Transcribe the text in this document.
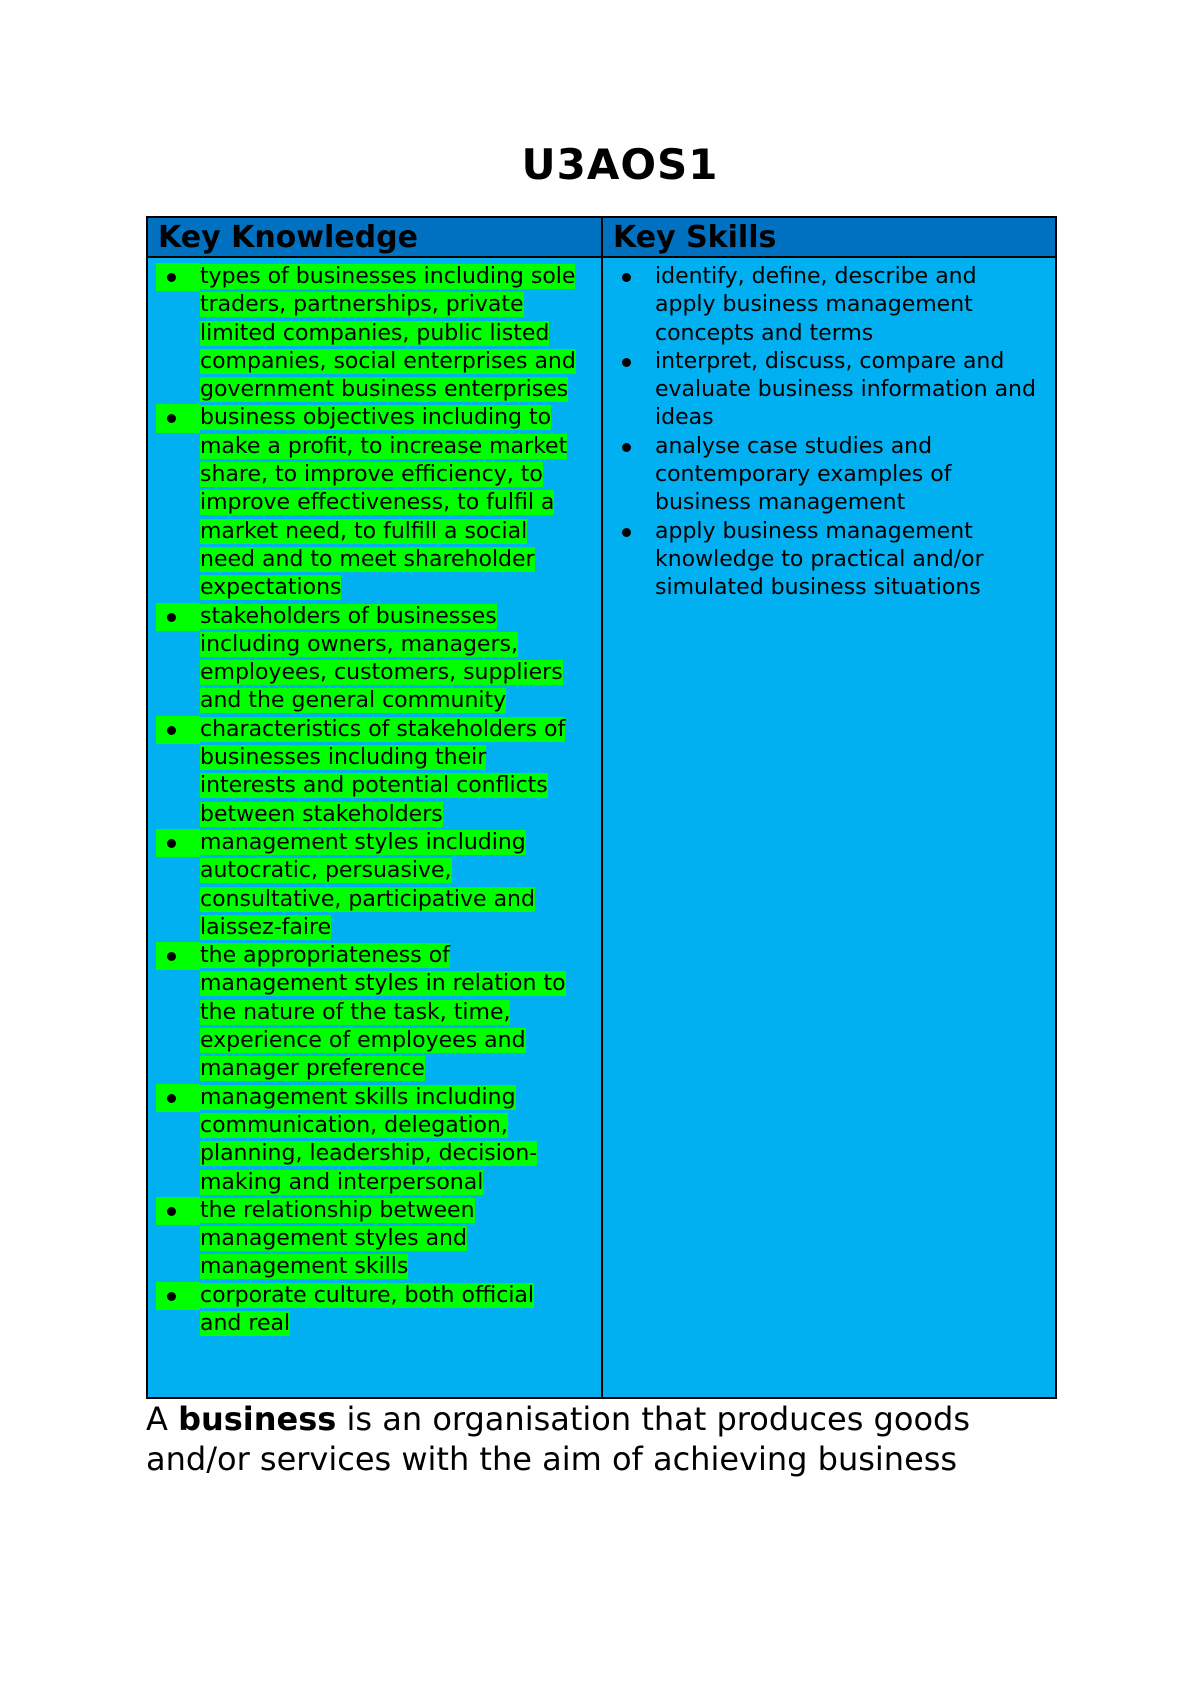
U3AOS1
Key Knowledge	Key Skills
types of businesses including sole traders, partnerships, private limited companies, public listed companies, social enterprises and government business enterprises
business objectives including to make a profit, to increase market share, to improve efficiency, to improve effectiveness, to fulfil a market need, to fulfill a social need and to meet shareholder expectations
stakeholders of businesses including owners, managers, employees, customers, suppliers and the general community
characteristics of stakeholders of businesses including their interests and potential conflicts between stakeholders
management styles including autocratic, persuasive, consultative, participative and laissez-faire
the appropriateness of management styles in relation to the nature of the task, time, experience of employees and manager preference
management skills including communication, delegation, planning, leadership, decision-making and interpersonal
the relationship between management styles and management skills
corporate culture, both official and real
identify, define, describe and apply business management concepts and terms
interpret, discuss, compare and evaluate business information and ideas
analyse case studies and contemporary examples of business management
apply business management knowledge to practical and/or simulated business situations
A business is an organisation that produces goods and/or services with the aim of achieving business
